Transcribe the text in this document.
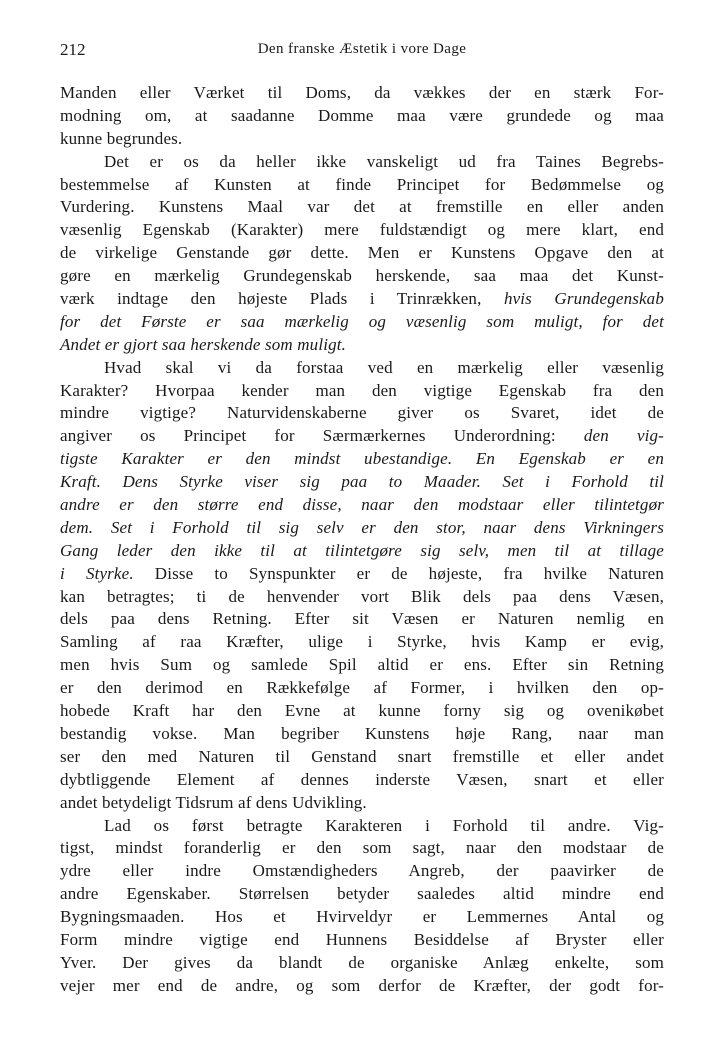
212	Den franske Æstetik i vore Dage
Manden eller Værket til Doms, da vækkes der en stærk For-
modning om, at saadanne Domme maa være grundede og maa
kunne begrundes.
Det er os da heller ikke vanskeligt ud fra Taines Begrebs-
bestemmelse af Kunsten at finde Principet for Bedømmelse og
Vurdering. Kunstens Maal var det at fremstille en eller anden
væsenlig Egenskab (Karakter) mere fuldstændigt og mere klart, end
de virkelige Genstande gør dette. Men er Kunstens Opgave den at
gøre en mærkelig Grundegenskab herskende, saa maa det Kunst-
værk indtage den højeste Plads i Trinrækken, hvis Grundegenskab
for det Første er saa mærkelig og væsenlig som muligt, for det
Andet er gjort saa herskende som muligt.
Hvad skal vi da forstaa ved en mærkelig eller væsenlig
Karakter? Hvorpaa kender man den vigtige Egenskab fra den
mindre vigtige? Naturvidenskaberne giver os Svaret, idet de
angiver os Principet for Særmærkernes Underordning: den vig-
tigste Karakter er den mindst ubestandige. En Egenskab er en
Kraft. Dens Styrke viser sig paa to Maader. Set i Forhold til
andre er den større end disse, naar den modstaar eller tilintetgør
dem. Set i Forhold til sig selv er den stor, naar dens Virkningers
Gang leder den ikke til at tilintetgøre sig selv, men til at tillage
i Styrke. Disse to Synspunkter er de højeste, fra hvilke Naturen
kan betragtes; ti de henvender vort Blik dels paa dens Væsen,
dels paa dens Retning. Efter sit Væsen er Naturen nemlig en
Samling af raa Kræfter, ulige i Styrke, hvis Kamp er evig,
men hvis Sum og samlede Spil altid er ens. Efter sin Retning
er den derimod en Rækkefølge af Former, i hvilken den op-
hobede Kraft har den Evne at kunne forny sig og ovenikøbet
bestandig vokse. Man begriber Kunstens høje Rang, naar man
ser den med Naturen til Genstand snart fremstille et eller andet
dybtliggende Element af dennes inderste Væsen, snart et eller
andet betydeligt Tidsrum af dens Udvikling.
Lad os først betragte Karakteren i Forhold til andre. Vig-
tigst, mindst foranderlig er den som sagt, naar den modstaar de
ydre eller indre Omstændigheders Angreb, der paavirker de
andre Egenskaber. Størrelsen betyder saaledes altid mindre end
Bygningsmaaden. Hos et Hvirveldyr er Lemmernes Antal og
Form mindre vigtige end Hunnens Besiddelse af Bryster eller
Yver. Der gives da blandt de organiske Anlæg enkelte, som
vejer mer end de andre, og som derfor de Kræfter, der godt for-
